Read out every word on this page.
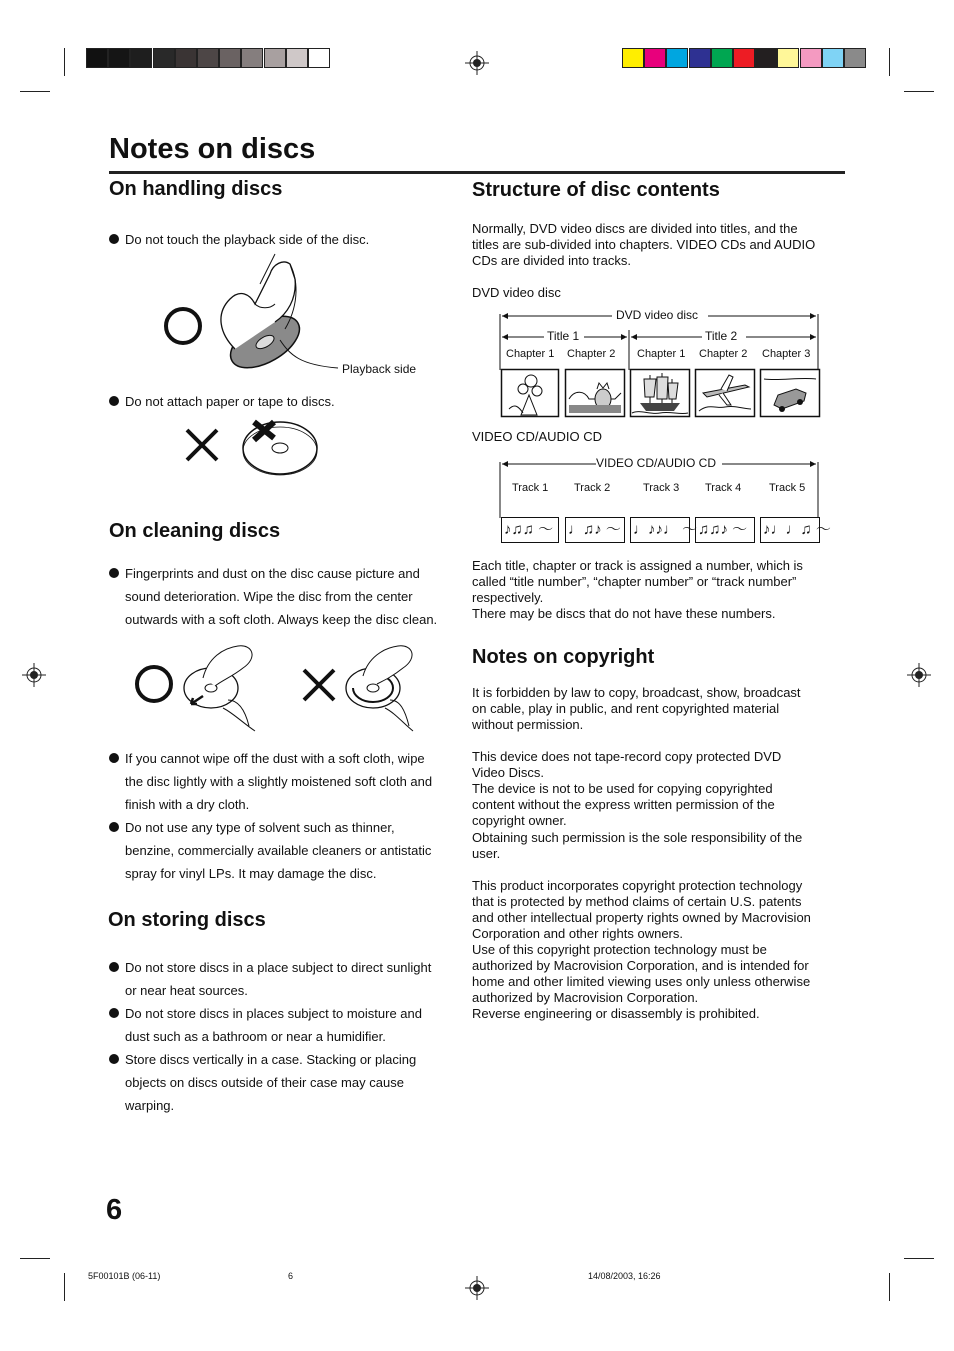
Notes on discs
On handling discs
Do not touch the playback side of the disc.
Playback side
Do not attach paper or tape to discs.
On cleaning discs
Fingerprints and dust on the disc cause picture and sound deterioration. Wipe the disc from the center outwards with a soft cloth. Always keep the disc clean.
If you cannot wipe off the dust with a soft cloth, wipe the disc lightly with a slightly moistened soft cloth and finish with a dry cloth.
Do not use any type of solvent such as thinner, benzine, commercially available cleaners or antistatic spray for vinyl LPs. It may damage the disc.
On storing discs
Do not store discs in a place subject to direct sunlight or near heat sources.
Do not store discs in places subject to moisture and dust such as a bathroom or near a humidifier.
Store discs vertically in a case. Stacking or placing objects on discs outside of their case may cause warping.
Structure of disc contents
Normally, DVD video discs are divided into titles, and the titles are sub-divided into chapters. VIDEO CDs and AUDIO CDs are divided into tracks.
DVD video disc
DVD video disc
Title 1	Title 2
Chapter 1 Chapter 2 Chapter 1 Chapter 2 Chapter 3
VIDEO CD/AUDIO CD
VIDEO CD/AUDIO CD
Track 1 Track 2	Track 3 Track 4	Track 5
♪♫♫ ～ ♩♫♪ ～ ♩♪♪♩ ～ ♫♫♪ ～	♪♩♩♫ ～
Each title, chapter or track is assigned a number, which is called “title number”, “chapter number” or “track number” respectively.
There may be discs that do not have these numbers.
Notes on copyright
It is forbidden by law to copy, broadcast, show, broadcast on cable, play in public, and rent copyrighted material without permission.
This device does not tape-record copy protected DVD Video Discs.
The device is not to be used for copying copyrighted content without the express written permission of the copyright owner.
Obtaining such permission is the sole responsibility of the user.
This product incorporates copyright protection technology that is protected by method claims of certain U.S. patents and other intellectual property rights owned by Macrovision Corporation and other rights owners.
Use of this copyright protection technology must be authorized by Macrovision Corporation, and is intended for home and other limited viewing uses only unless otherwise authorized by Macrovision Corporation.
Reverse engineering or disassembly is prohibited.
6
5F00101B (06-11)	6	14/08/2003, 16:26
